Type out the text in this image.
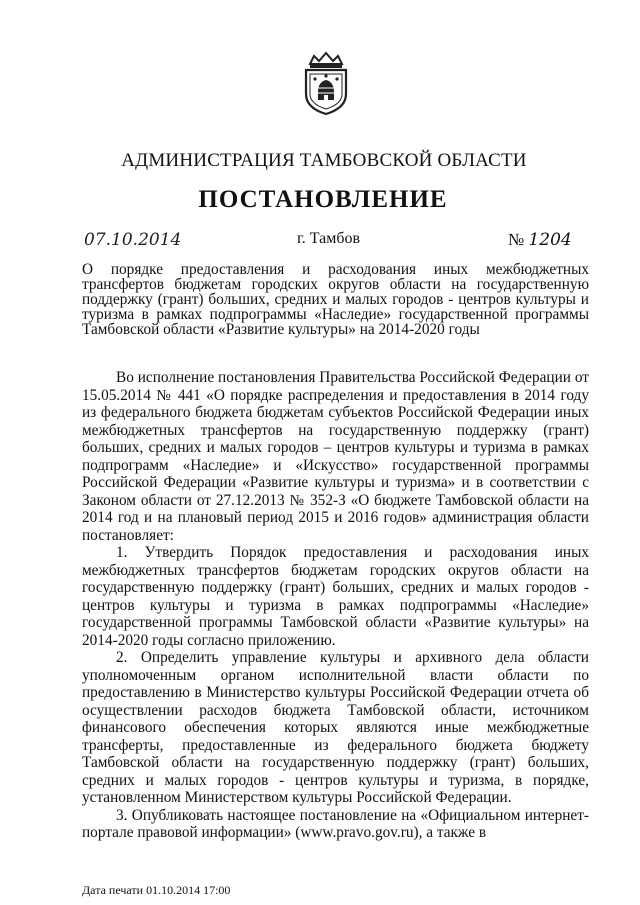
АДМИНИСТРАЦИЯ ТАМБОВСКОЙ ОБЛАСТИ
ПОСТАНОВЛЕНИЕ
07.10.2014	г. Тамбов	№ 1204
О порядке предоставления и расходования иных межбюджетных трансфертов бюджетам городских округов области на государственную поддержку (грант) больших, средних и малых городов - центров культуры и туризма в рамках подпрограммы «Наследие» государственной программы Тамбовской области «Развитие культуры» на 2014-2020 годы

Во исполнение постановления Правительства Российской Федерации от 15.05.2014 № 441 «О порядке распределения и предоставления в 2014 году из федерального бюджета бюджетам субъектов Российской Федерации иных межбюджетных трансфертов на государственную поддержку (грант) больших, средних и малых городов – центров культуры и туризма в рамках подпрограмм «Наследие» и «Искусство» государственной программы Российской Федерации «Развитие культуры и туризма» и в соответствии с Законом области от 27.12.2013 № 352-З «О бюджете Тамбовской области на 2014 год и на плановый период 2015 и 2016 годов» администрация области постановляет:

1. Утвердить Порядок предоставления и расходования иных межбюджетных трансфертов бюджетам городских округов области на государственную поддержку (грант) больших, средних и малых городов - центров культуры и туризма в рамках подпрограммы «Наследие» государственной программы Тамбовской области «Развитие культуры» на 2014-2020 годы согласно приложению.

2. Определить управление культуры и архивного дела области уполномоченным органом исполнительной власти области по предоставлению в Министерство культуры Российской Федерации отчета об осуществлении расходов бюджета Тамбовской области, источником финансового обеспечения которых являются иные межбюджетные трансферты, предоставленные из федерального бюджета бюджету Тамбовской области на государственную поддержку (грант) больших, средних и малых городов - центров культуры и туризма, в порядке, установленном Министерством культуры Российской Федерации.

3. Опубликовать настоящее постановление на «Официальном интернет-портале правовой информации» (www.pravo.gov.ru), а также в

Дата печати 01.10.2014 17:00
